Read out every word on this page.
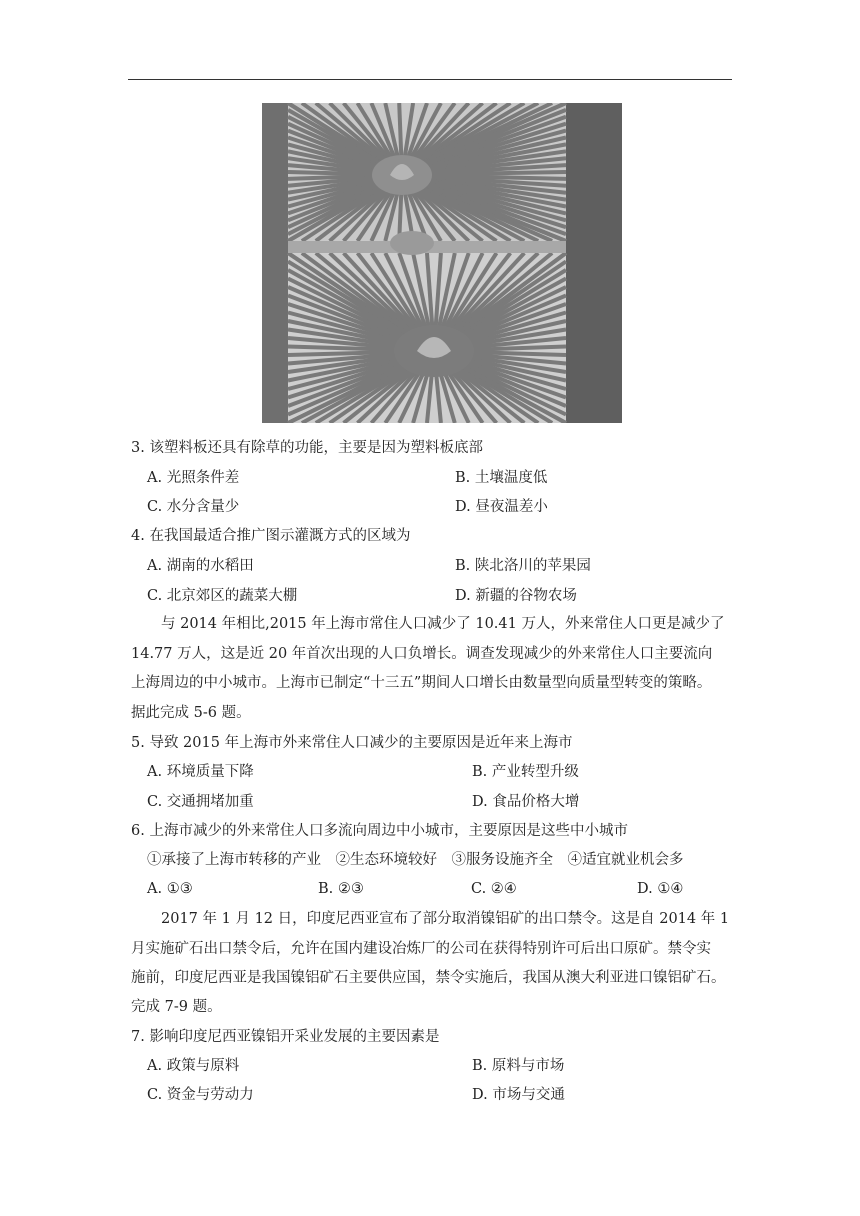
3. 该塑料板还具有除草的功能，主要是因为塑料板底部
A. 光照条件差	B. 土壤温度低
C. 水分含量少	D. 昼夜温差小
4. 在我国最适合推广图示灌溉方式的区域为
A. 湖南的水稻田	B. 陕北洛川的苹果园
C. 北京郊区的蔬菜大棚	D. 新疆的谷物农场
与 2014 年相比,2015 年上海市常住人口减少了 10.41 万人，外来常住人口更是减少了
14.77 万人，这是近 20 年首次出现的人口负增长。调查发现减少的外来常住人口主要流向
上海周边的中小城市。上海市已制定“十三五”期间人口增长由数量型向质量型转变的策略。
据此完成 5-6 题。
5. 导致 2015 年上海市外来常住人口减少的主要原因是近年来上海市
A. 环境质量下降	B. 产业转型升级
C. 交通拥堵加重	D. 食品价格大增
6. 上海市减少的外来常住人口多流向周边中小城市，主要原因是这些中小城市
①承接了上海市转移的产业　②生态环境较好　③服务设施齐全　④适宜就业机会多
A. ①③	B. ②③	C. ②④	D. ①④
2017 年 1 月 12 日，印度尼西亚宣布了部分取消镍铝矿的出口禁令。这是自 2014 年 1
月实施矿石出口禁令后，允许在国内建设冶炼厂的公司在获得特别许可后出口原矿。禁令实
施前，印度尼西亚是我国镍铝矿石主要供应国，禁令实施后，我国从澳大利亚进口镍铝矿石。
完成 7-9 题。
7. 影响印度尼西亚镍铝开采业发展的主要因素是
A. 政策与原料	B. 原料与市场
C. 资金与劳动力	D. 市场与交通
